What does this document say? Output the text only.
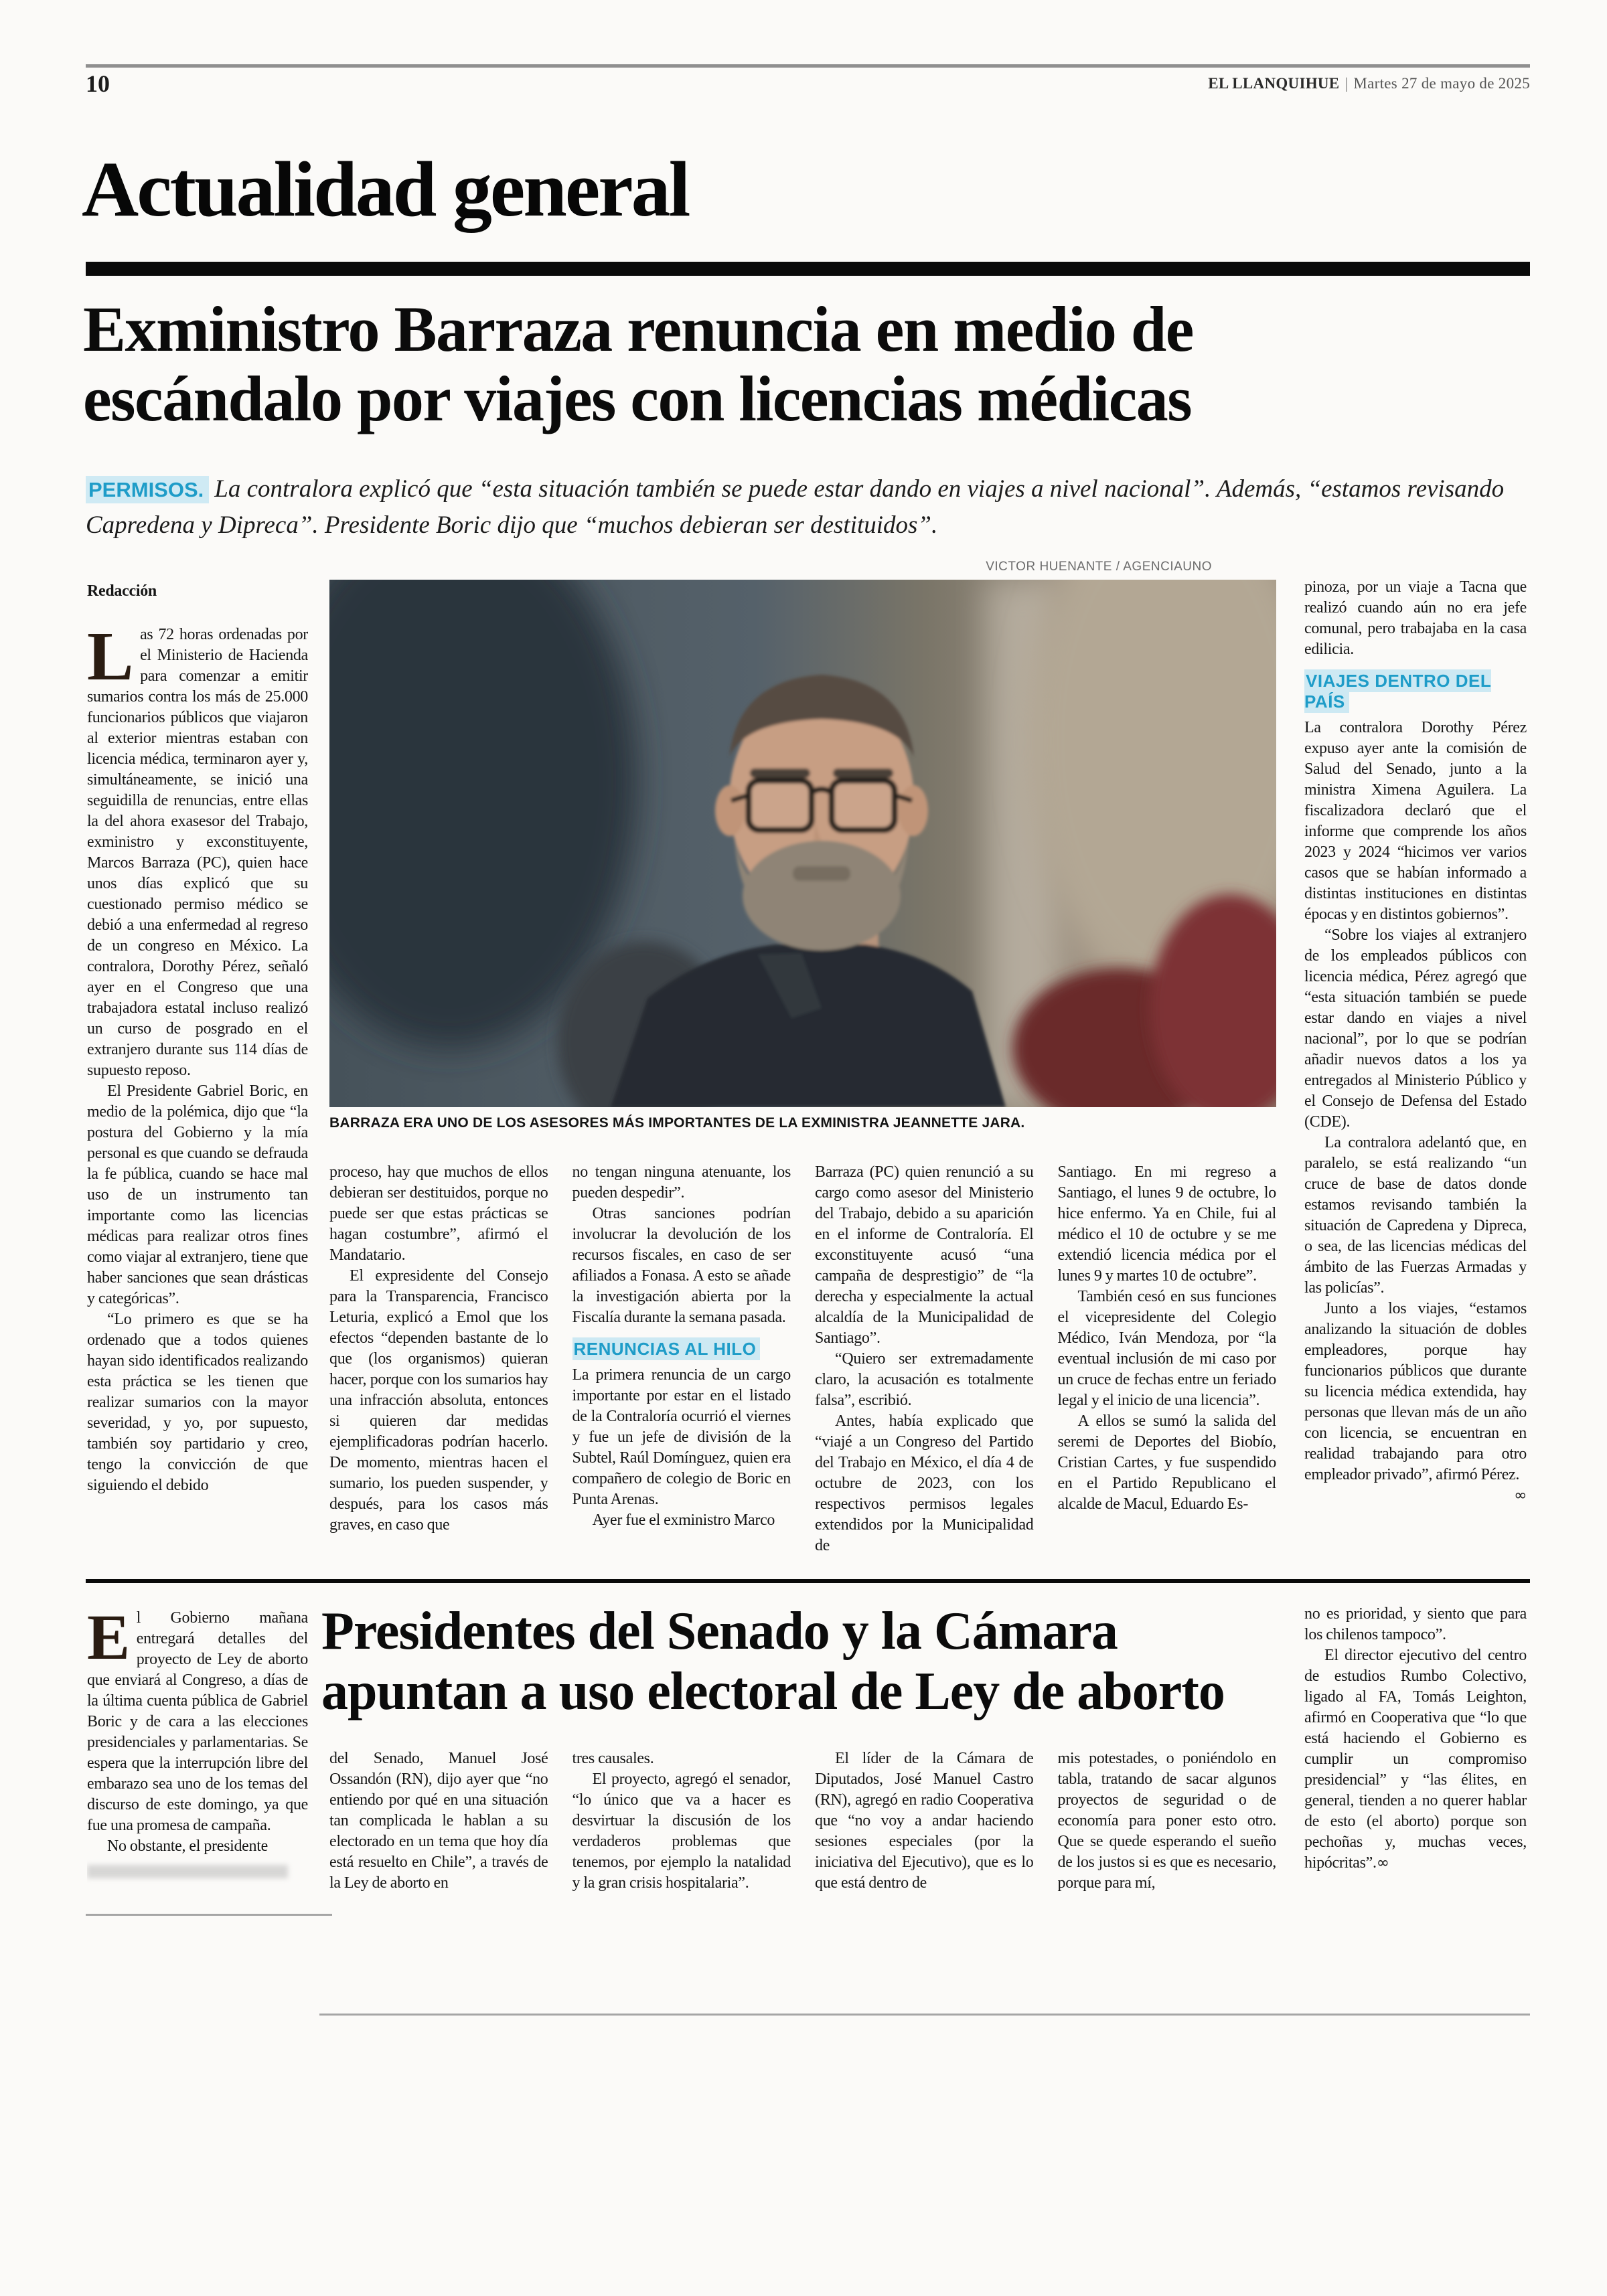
10	EL LLANQUIHUE | Martes 27 de mayo de 2025
Actualidad general
Exministro Barraza renuncia en medio de
escándalo por viajes con licencias médicas
PERMISOS. La contralora explicó que “esta situación también se puede estar dando en viajes a nivel nacional”. Además, “estamos revisando Capredena y Dipreca”. Presidente Boric dijo que “muchos debieran ser destituidos”.
VICTOR HUENANTE / AGENCIAUNO
BARRAZA ERA UNO DE LOS ASESORES MÁS IMPORTANTES DE LA EXMINISTRA JEANNETTE JARA.

Redacción

Las 72 horas ordenadas por el Ministerio de Hacienda para comenzar a emitir sumarios contra los más de 25.000 funcionarios públicos que viajaron al exterior mientras estaban con licencia médica, terminaron ayer y, simultáneamente, se inició una seguidilla de renuncias, entre ellas la del ahora exasesor del Trabajo, exministro y exconstituyente, Marcos Barraza (PC), quien hace unos días explicó que su cuestionado permiso médico se debió a una enfermedad al regreso de un congreso en México. La contralora, Dorothy Pérez, señaló ayer en el Congreso que una trabajadora estatal incluso realizó un curso de posgrado en el extranjero durante sus 114 días de supuesto reposo.

El Presidente Gabriel Boric, en medio de la polémica, dijo que “la postura del Gobierno y la mía personal es que cuando se defrauda la fe pública, cuando se hace mal uso de un instrumento tan importante como las licencias médicas para realizar otros fines como viajar al extranjero, tiene que haber sanciones que sean drásticas y categóricas”.

“Lo primero es que se ha ordenado que a todos quienes hayan sido identificados realizando esta práctica se les tienen que realizar sumarios con la mayor severidad, y yo, por supuesto, también soy partidario y creo, tengo la convicción de que siguiendo el debido

proceso, hay que muchos de ellos debieran ser destituidos, porque no puede ser que estas prácticas se hagan costumbre”, afirmó el Mandatario.

El expresidente del Consejo para la Transparencia, Francisco Leturia, explicó a Emol que los efectos “dependen bastante de lo que (los organismos) quieran hacer, porque con los sumarios hay una infracción absoluta, entonces si quieren dar medidas ejemplificadoras podrían hacerlo. De momento, mientras hacen el sumario, los pueden suspender, y después, para los casos más graves, en caso que

no tengan ninguna atenuante, los pueden despedir”.

Otras sanciones podrían involucrar la devolución de los recursos fiscales, en caso de ser afiliados a Fonasa. A esto se añade la investigación abierta por la Fiscalía durante la semana pasada.

RENUNCIAS AL HILO

La primera renuncia de un cargo importante por estar en el listado de la Contraloría ocurrió el viernes y fue un jefe de división de la Subtel, Raúl Domínguez, quien era compañero de colegio de Boric en Punta Arenas.

Ayer fue el exministro Marco

Barraza (PC) quien renunció a su cargo como asesor del Ministerio del Trabajo, debido a su aparición en el informe de Contraloría. El exconstituyente acusó “una campaña de desprestigio” de “la derecha y especialmente la actual alcaldía de la Municipalidad de Santiago”.

“Quiero ser extremadamente claro, la acusación es totalmente falsa”, escribió.

Antes, había explicado que “viajé a un Congreso del Partido del Trabajo en México, el día 4 de octubre de 2023, con los respectivos permisos legales extendidos por la Municipalidad de

Santiago. En mi regreso a Santiago, el lunes 9 de octubre, lo hice enfermo. Ya en Chile, fui al médico el 10 de octubre y se me extendió licencia médica por el lunes 9 y martes 10 de octubre”.

También cesó en sus funciones el vicepresidente del Colegio Médico, Iván Mendoza, por “la eventual inclusión de mi caso por un cruce de fechas entre un feriado legal y el inicio de una licencia”.

A ellos se sumó la salida del seremi de Deportes del Biobío, Cristian Cartes, y fue suspendido en el Partido Republicano el alcalde de Macul, Eduardo Es-

pinoza, por un viaje a Tacna que realizó cuando aún no era jefe comunal, pero trabajaba en la casa edilicia.

VIAJES DENTRO DEL PAÍS

La contralora Dorothy Pérez expuso ayer ante la comisión de Salud del Senado, junto a la ministra Ximena Aguilera. La fiscalizadora declaró que el informe que comprende los años 2023 y 2024 “hicimos ver varios casos que se habían informado a distintas instituciones en distintas épocas y en distintos gobiernos”.

“Sobre los viajes al extranjero de los empleados públicos con licencia médica, Pérez agregó que “esta situación también se puede estar dando en viajes a nivel nacional”, por lo que se podrían añadir nuevos datos a los ya entregados al Ministerio Público y el Consejo de Defensa del Estado (CDE).

La contralora adelantó que, en paralelo, se está realizando “un cruce de base de datos donde estamos revisando también la situación de Capredena y Dipreca, o sea, de las licencias médicas del ámbito de las Fuerzas Armadas y las policías”.

Junto a los viajes, “estamos analizando la situación de dobles empleadores, porque hay funcionarios públicos que durante su licencia médica extendida, hay personas que llevan más de un año con licencia, se encuentran en realidad trabajando para otro empleador privado”, afirmó Pérez.
∞

Presidentes del Senado y la Cámara
apuntan a uso electoral de Ley de aborto

El Gobierno mañana entregará detalles del proyecto de Ley de aborto que enviará al Congreso, a días de la última cuenta pública de Gabriel Boric y de cara a las elecciones presidenciales y parlamentarias. Se espera que la interrupción libre del embarazo sea uno de los temas del discurso de este domingo, ya que fue una promesa de campaña.

No obstante, el presidente

del Senado, Manuel José Ossandón (RN), dijo ayer que “no entiendo por qué en una situación tan complicada le hablan a su electorado en un tema que hoy día está resuelto en Chile”, a través de la Ley de aborto en

tres causales.

El proyecto, agregó el senador, “lo único que va a hacer es desvirtuar la discusión de los verdaderos problemas que tenemos, por ejemplo la natalidad y la gran crisis hospitalaria”.

El líder de la Cámara de Diputados, José Manuel Castro (RN), agregó en radio Cooperativa que “no voy a andar haciendo sesiones especiales (por la iniciativa del Ejecutivo), que es lo que está dentro de

mis potestades, o poniéndolo en tabla, tratando de sacar algunos proyectos de seguridad o de economía para poner esto otro. Que se quede esperando el sueño de los justos si es que es necesario, porque para mí,

no es prioridad, y siento que para los chilenos tampoco”.

El director ejecutivo del centro de estudios Rumbo Colectivo, ligado al FA, Tomás Leighton, afirmó en Cooperativa que “lo que está haciendo el Gobierno es cumplir un compromiso presidencial” y “las élites, en general, tienden a no querer hablar de esto (el aborto) porque son pechoñas y, muchas veces, hipócritas”.∞
